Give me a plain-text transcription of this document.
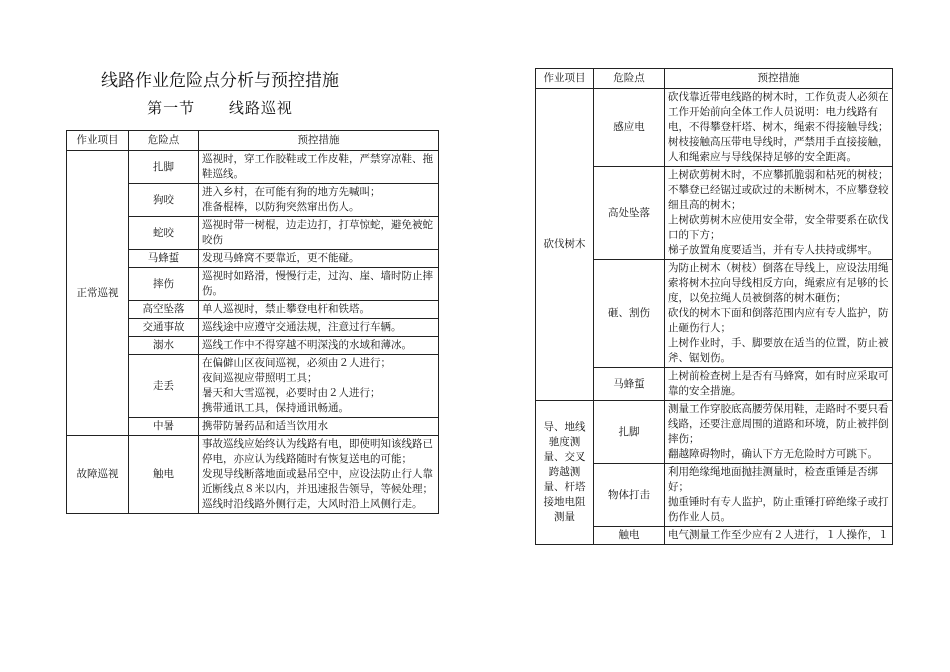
线路作业危险点分析与预控措施
第一节 线路巡视
作业项目	危险点	预控措施
正常巡视	扎脚	巡视时，穿工作胶鞋或工作皮鞋，严禁穿凉鞋、拖鞋巡线。
	狗咬	进入乡村，在可能有狗的地方先喊叫；
准备棍棒，以防狗突然窜出伤人。
	蛇咬	巡视时带一树棍，边走边打，打草惊蛇，避免被蛇咬伤
	马蜂蜇	发现马蜂窝不要靠近，更不能碰。
	摔伤	巡视时如路滑，慢慢行走，过沟、崖、墙时防止摔伤。
	高空坠落	单人巡视时，禁止攀登电杆和铁塔。
	交通事故	巡线途中应遵守交通法规，注意过行车辆。
	溺水	巡线工作中不得穿越不明深浅的水域和薄冰。
	走丢	在偏僻山区夜间巡视，必须由２人进行；
夜间巡视应带照明工具；
暑天和大雪巡视，必要时由２人进行；
携带通讯工具，保持通讯畅通。
	中暑	携带防暑药品和适当饮用水
故障巡视	触电	事故巡线应始终认为线路有电，即使明知该线路已停电，亦应认为线路随时有恢复送电的可能；
发现导线断落地面或悬吊空中，应设法防止行人靠近断线点８米以内，并迅速报告领导，等候处理；
巡线时沿线路外侧行走，大风时沿上风侧行走。
作业项目	危险点	预控措施
砍伐树木	感应电	砍伐靠近带电线路的树木时，工作负责人必须在工作开始前向全体工作人员说明：电力线路有电，不得攀登杆塔、树木，绳索不得接触导线；
树枝接触高压带电导线时，严禁用手直接接触，人和绳索应与导线保持足够的安全距离。
	高处坠落	上树砍剪树木时，不应攀抓脆弱和枯死的树枝；
不攀登已经锯过或砍过的未断树木，不应攀登较细且高的树木；
上树砍剪树木应使用安全带，安全带要系在砍伐口的下方；
梯子放置角度要适当，并有专人扶持或绑牢。
	砸、割伤	为防止树木（树枝）倒落在导线上，应设法用绳索将树木拉向导线相反方向，绳索应有足够的长度，以免拉绳人员被倒落的树木砸伤；
砍伐的树木下面和倒落范围内应有专人监护，防止砸伤行人；
上树作业时，手、脚要放在适当的位置，防止被斧、锯划伤。
	马蜂蜇	上树前检查树上是否有马蜂窝，如有时应采取可靠的安全措施。
导、地线驰度测量、交叉跨越测量、杆塔接地电阻测量	扎脚	测量工作穿胶底高腰劳保用鞋，走路时不要只看线路，还要注意周围的道路和环境，防止被拌倒摔伤；
翻越障碍物时，确认下方无危险时方可跳下。
	物体打击	利用绝缘绳地面抛挂测量时，检查重锤是否绑好；
抛重锤时有专人监护，防止重锤打碎绝缘子或打伤作业人员。
	触电	电气测量工作至少应有２人进行，１人操作，１
